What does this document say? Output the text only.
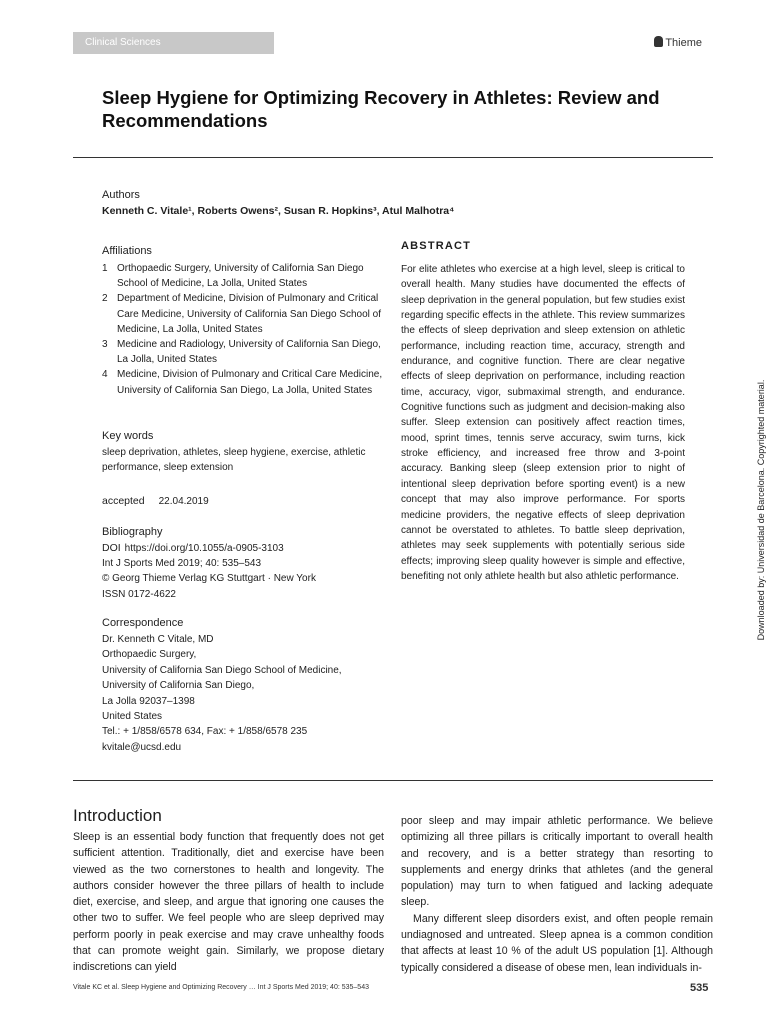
Clinical Sciences	Thieme
Sleep Hygiene for Optimizing Recovery in Athletes: Review and Recommendations
Authors
Kenneth C. Vitale¹, Roberts Owens², Susan R. Hopkins³, Atul Malhotra⁴
Affiliations
1 Orthopaedic Surgery, University of California San Diego School of Medicine, La Jolla, United States
2 Department of Medicine, Division of Pulmonary and Critical Care Medicine, University of California San Diego School of Medicine, La Jolla, United States
3 Medicine and Radiology, University of California San Diego, La Jolla, United States
4 Medicine, Division of Pulmonary and Critical Care Medicine, University of California San Diego, La Jolla, United States
Key words
sleep deprivation, athletes, sleep hygiene, exercise, athletic performance, sleep extension
accepted 22.04.2019
Bibliography
DOI https://doi.org/10.1055/a-0905-3103
Int J Sports Med 2019; 40: 535–543
© Georg Thieme Verlag KG Stuttgart · New York
ISSN 0172-4622
Correspondence
Dr. Kenneth C Vitale, MD
Orthopaedic Surgery,
University of California San Diego School of Medicine,
University of California San Diego,
La Jolla 92037–1398
United States
Tel.: + 1/858/6578 634, Fax: + 1/858/6578 235
kvitale@ucsd.edu
ABSTRACT
For elite athletes who exercise at a high level, sleep is critical to overall health. Many studies have documented the effects of sleep deprivation in the general population, but few studies exist regarding specific effects in the athlete. This review summarizes the effects of sleep deprivation and sleep extension on athletic performance, including reaction time, accuracy, strength and endurance, and cognitive function. There are clear negative effects of sleep deprivation on performance, including reaction time, accuracy, vigor, submaximal strength, and endurance. Cognitive functions such as judgment and decision-making also suffer. Sleep extension can positively affect reaction times, mood, sprint times, tennis serve accuracy, swim turns, kick stroke efficiency, and increased free throw and 3-point accuracy. Banking sleep (sleep extension prior to night of intentional sleep deprivation before sporting event) is a new concept that may also improve performance. For sports medicine providers, the negative effects of sleep deprivation cannot be overstated to athletes. To battle sleep deprivation, athletes may seek supplements with potentially serious side effects; improving sleep quality however is simple and effective, benefiting not only athlete health but also athletic performance.
Introduction
Sleep is an essential body function that frequently does not get sufficient attention. Traditionally, diet and exercise have been viewed as the two cornerstones to health and longevity. The authors consider however the three pillars of health to include diet, exercise, and sleep, and argue that ignoring one causes the other two to suffer. We feel people who are sleep deprived may perform poorly in peak exercise and may crave unhealthy foods that can promote weight gain. Similarly, we propose dietary indiscretions can yield

poor sleep and may impair athletic performance. We believe optimizing all three pillars is critically important to overall health and recovery, and is a better strategy than resorting to supplements and energy drinks that athletes (and the general population) may turn to when fatigued and lacking adequate sleep.

Many different sleep disorders exist, and often people remain undiagnosed and untreated. Sleep apnea is a common condition that affects at least 10 % of the adult US population [1]. Although typically considered a disease of obese men, lean individuals in-

Vitale KC et al. Sleep Hygiene and Optimizing Recovery … Int J Sports Med 2019; 40: 535–543	535
Downloaded by: Universidad de Barcelona. Copyrighted material.
